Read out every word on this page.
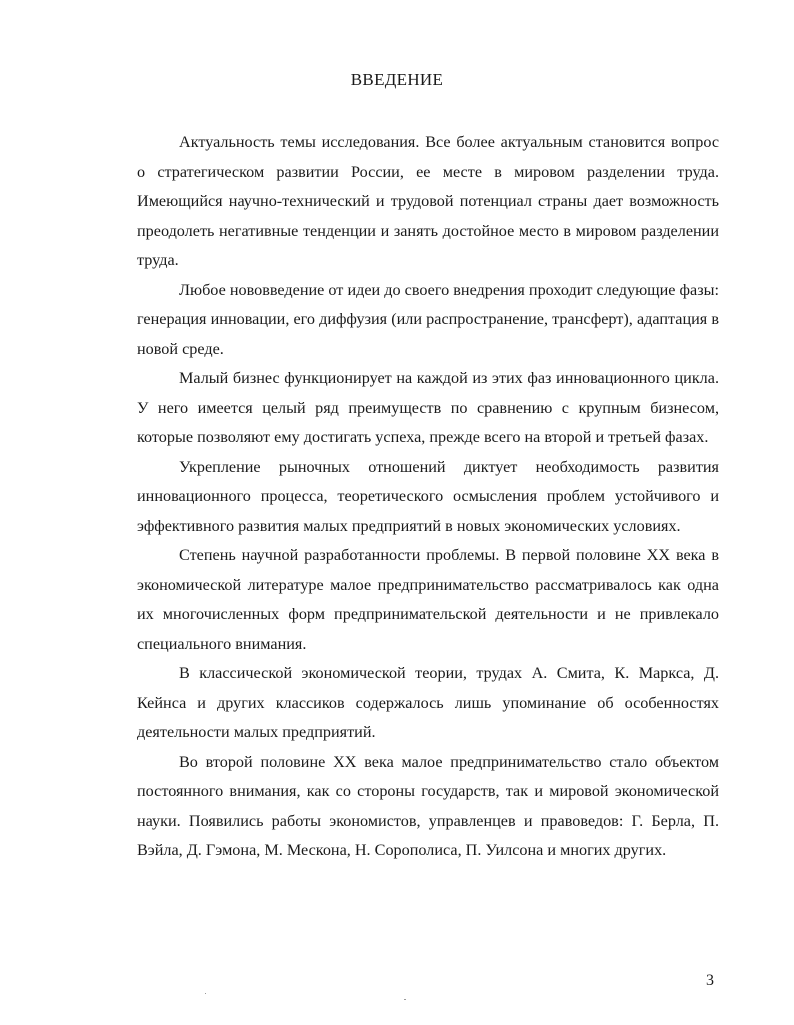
ВВЕДЕНИЕ

Актуальность темы исследования. Все более актуальным становится вопрос о стратегическом развитии России, ее месте в мировом разделении труда. Имеющийся научно-технический и трудовой потенциал страны дает возможность преодолеть негативные тенденции и занять достойное место в мировом разделении труда.

Любое нововведение от идеи до своего внедрения проходит следующие фазы: генерация инновации, его диффузия (или распространение, трансферт), адаптация в новой среде.

Малый бизнес функционирует на каждой из этих фаз инновационного цикла. У него имеется целый ряд преимуществ по сравнению с крупным бизнесом, которые позволяют ему достигать успеха, прежде всего на второй и третьей фазах.

Укрепление рыночных отношений диктует необходимость развития инновационного процесса, теоретического осмысления проблем устойчивого и эффективного развития малых предприятий в новых экономических условиях.

Степень научной разработанности проблемы. В первой половине XX века в экономической литературе малое предпринимательство рассматривалось как одна их многочисленных форм предпринимательской деятельности и не привлекало специального внимания.

В классической экономической теории, трудах А. Смита, К. Маркса, Д. Кейнса и других классиков содержалось лишь упоминание об особенностях деятельности малых предприятий.

Во второй половине XX века малое предпринимательство стало объектом постоянного внимания, как со стороны государств, так и мировой экономической науки. Появились работы экономистов, управленцев и правоведов: Г. Берла, П. Вэйла, Д. Гэмона, М. Мескона, Н. Сорополиса, П. Уилсона и многих других.

3
